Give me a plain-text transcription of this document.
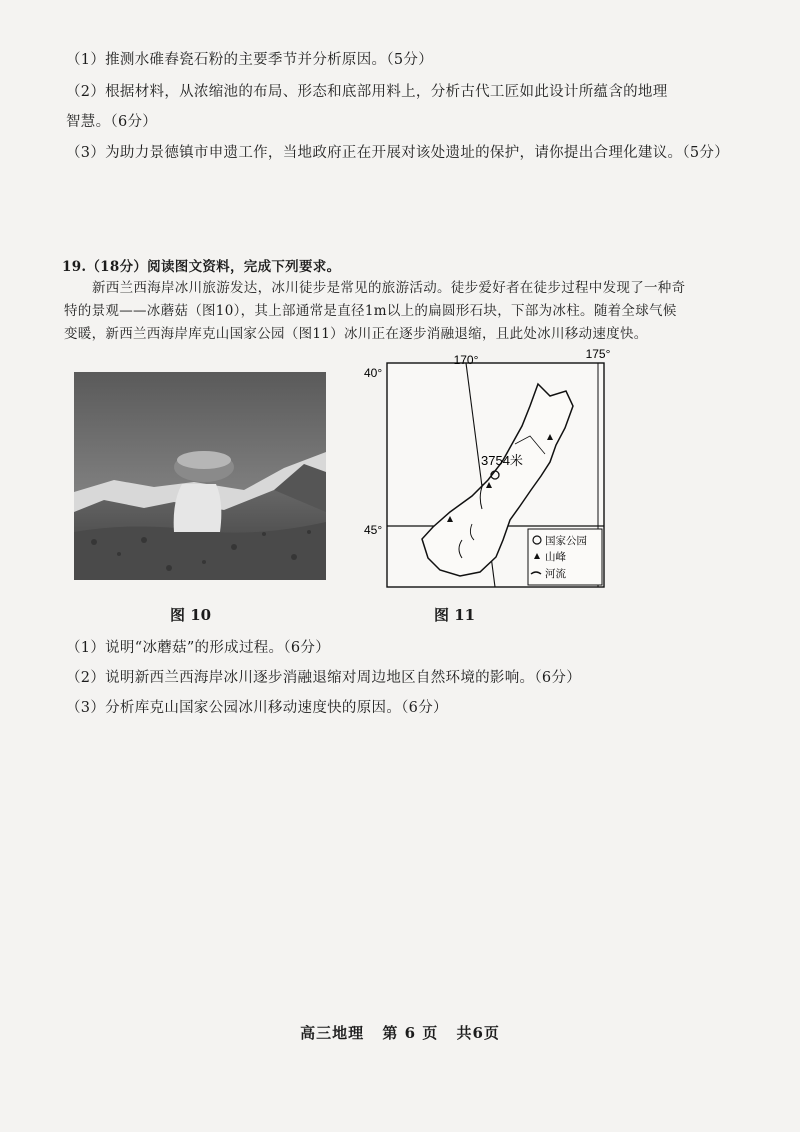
（1）推测水碓舂瓷石粉的主要季节并分析原因。（5分）
（2）根据材料，从浓缩池的布局、形态和底部用料上，分析古代工匠如此设计所蕴含的地理
智慧。（6分）
（3）为助力景德镇市申遗工作，当地政府正在开展对该处遗址的保护，请你提出合理化建议。（5分）
19.（18分）阅读图文资料，完成下列要求。
新西兰西海岸冰川旅游发达，冰川徒步是常见的旅游活动。徒步爱好者在徒步过程中发现了一种奇
特的景观——冰蘑菇（图10），其上部通常是直径1m以上的扁圆形石块，下部为冰柱。随着全球气候
变暖，新西兰西海岸库克山国家公园（图11）冰川正在逐步消融退缩，且此处冰川移动速度快。
图 10
170°	175°
40°
45°
3754米
国家公园
山峰
河流
图 11
（1）说明“冰蘑菇”的形成过程。（6分）
（2）说明新西兰西海岸冰川逐步消融退缩对周边地区自然环境的影响。（6分）
（3）分析库克山国家公园冰川移动速度快的原因。（6分）
高三地理 第 6 页 共6页
